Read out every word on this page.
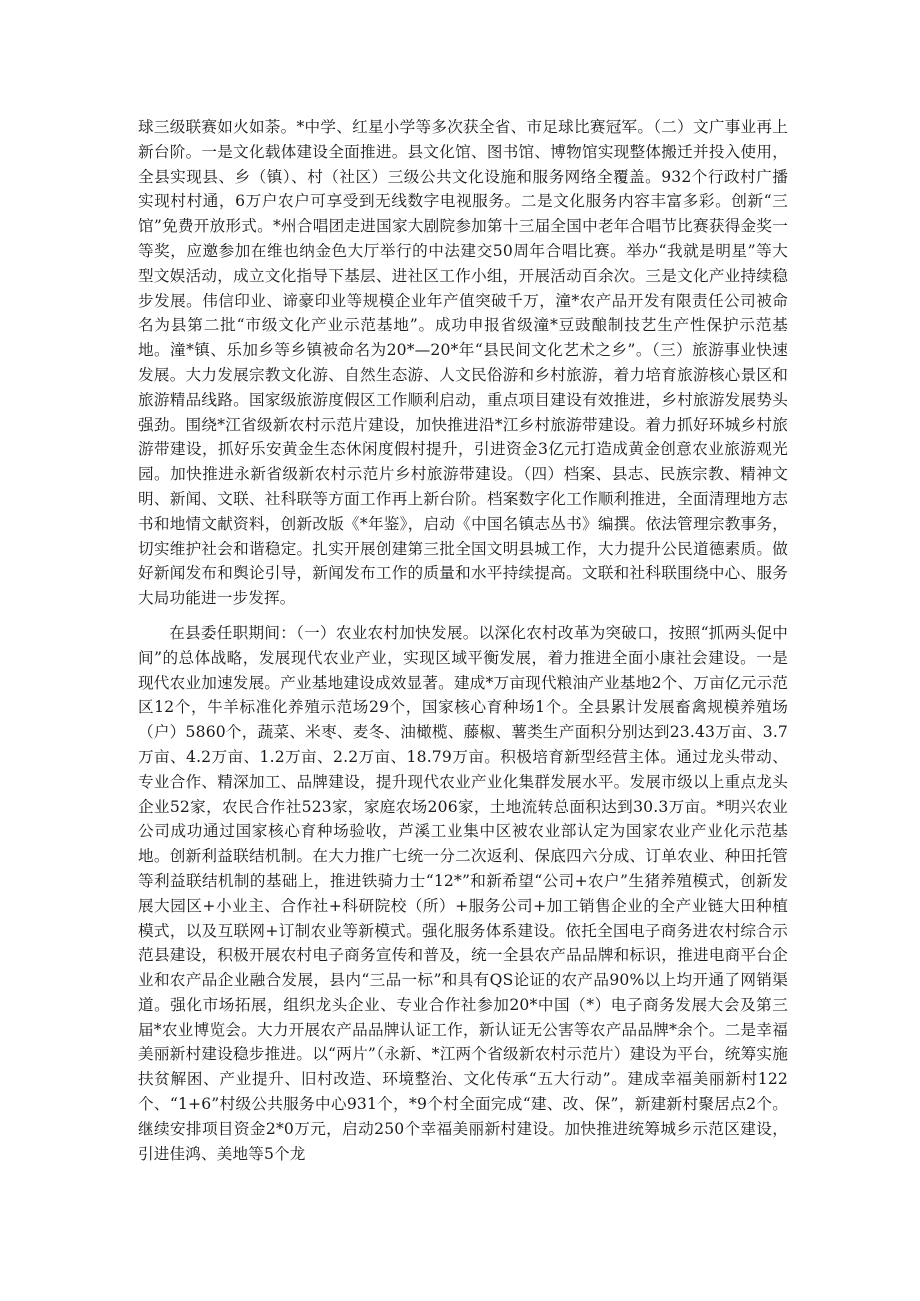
球三级联赛如火如荼。*中学、红星小学等多次获全省、市足球比赛冠军。（二）文广事业再上新台阶。一是文化载体建设全面推进。县文化馆、图书馆、博物馆实现整体搬迁并投入使用，全县实现县、乡（镇）、村（社区）三级公共文化设施和服务网络全覆盖。932个行政村广播实现村村通，6万户农户可享受到无线数字电视服务。二是文化服务内容丰富多彩。创新“三馆”免费开放形式。*州合唱团走进国家大剧院参加第十三届全国中老年合唱节比赛获得金奖一等奖，应邀参加在维也纳金色大厅举行的中法建交50周年合唱比赛。举办“我就是明星”等大型文娱活动，成立文化指导下基层、进社区工作小组，开展活动百余次。三是文化产业持续稳步发展。伟信印业、谛豪印业等规模企业年产值突破千万，潼*农产品开发有限责任公司被命名为县第二批“市级文化产业示范基地”。成功申报省级潼*豆豉酿制技艺生产性保护示范基地。潼*镇、乐加乡等乡镇被命名为20*—20*年“县民间文化艺术之乡”。（三）旅游事业快速发展。大力发展宗教文化游、自然生态游、人文民俗游和乡村旅游，着力培育旅游核心景区和旅游精品线路。国家级旅游度假区工作顺利启动，重点项目建设有效推进，乡村旅游发展势头强劲。围绕*江省级新农村示范片建设，加快推进沿*江乡村旅游带建设。着力抓好环城乡村旅游带建设，抓好乐安黄金生态休闲度假村提升，引进资金3亿元打造成黄金创意农业旅游观光园。加快推进永新省级新农村示范片乡村旅游带建设。（四）档案、县志、民族宗教、精神文明、新闻、文联、社科联等方面工作再上新台阶。档案数字化工作顺利推进，全面清理地方志书和地情文献资料，创新改版《*年鉴》，启动《中国名镇志丛书》编撰。依法管理宗教事务，切实维护社会和谐稳定。扎实开展创建第三批全国文明县城工作，大力提升公民道德素质。做好新闻发布和舆论引导，新闻发布工作的质量和水平持续提高。文联和社科联围绕中心、服务大局功能进一步发挥。

在县委任职期间：（一）农业农村加快发展。以深化农村改革为突破口，按照“抓两头促中间”的总体战略，发展现代农业产业，实现区域平衡发展，着力推进全面小康社会建设。一是现代农业加速发展。产业基地建设成效显著。建成*万亩现代粮油产业基地2个、万亩亿元示范区12个，牛羊标准化养殖示范场29个，国家核心育种场1个。全县累计发展畜禽规模养殖场（户）5860个，蔬菜、米枣、麦冬、油橄榄、藤椒、薯类生产面积分别达到23.43万亩、3.7万亩、4.2万亩、1.2万亩、2.2万亩、18.79万亩。积极培育新型经营主体。通过龙头带动、专业合作、精深加工、品牌建设，提升现代农业产业化集群发展水平。发展市级以上重点龙头企业52家，农民合作社523家，家庭农场206家，土地流转总面积达到30.3万亩。*明兴农业公司成功通过国家核心育种场验收，芦溪工业集中区被农业部认定为国家农业产业化示范基地。创新利益联结机制。在大力推广七统一分二次返利、保底四六分成、订单农业、种田托管等利益联结机制的基础上，推进铁骑力士“12*”和新希望“公司+农户”生猪养殖模式，创新发展大园区+小业主、合作社+科研院校（所）+服务公司+加工销售企业的全产业链大田种植模式，以及互联网+订制农业等新模式。强化服务体系建设。依托全国电子商务进农村综合示范县建设，积极开展农村电子商务宣传和普及，统一全县农产品品牌和标识，推进电商平台企业和农产品企业融合发展，县内“三品一标”和具有QS论证的农产品90%以上均开通了网销渠道。强化市场拓展，组织龙头企业、专业合作社参加20*中国（*）电子商务发展大会及第三届*农业博览会。大力开展农产品品牌认证工作，新认证无公害等农产品品牌*余个。二是幸福美丽新村建设稳步推进。以“两片”（永新、*江两个省级新农村示范片）建设为平台，统筹实施扶贫解困、产业提升、旧村改造、环境整治、文化传承“五大行动”。建成幸福美丽新村122个、“1+6”村级公共服务中心931个，*9个村全面完成“建、改、保”，新建新村聚居点2个。继续安排项目资金2*0万元，启动250个幸福美丽新村建设。加快推进统筹城乡示范区建设，引进佳鸿、美地等5个龙
